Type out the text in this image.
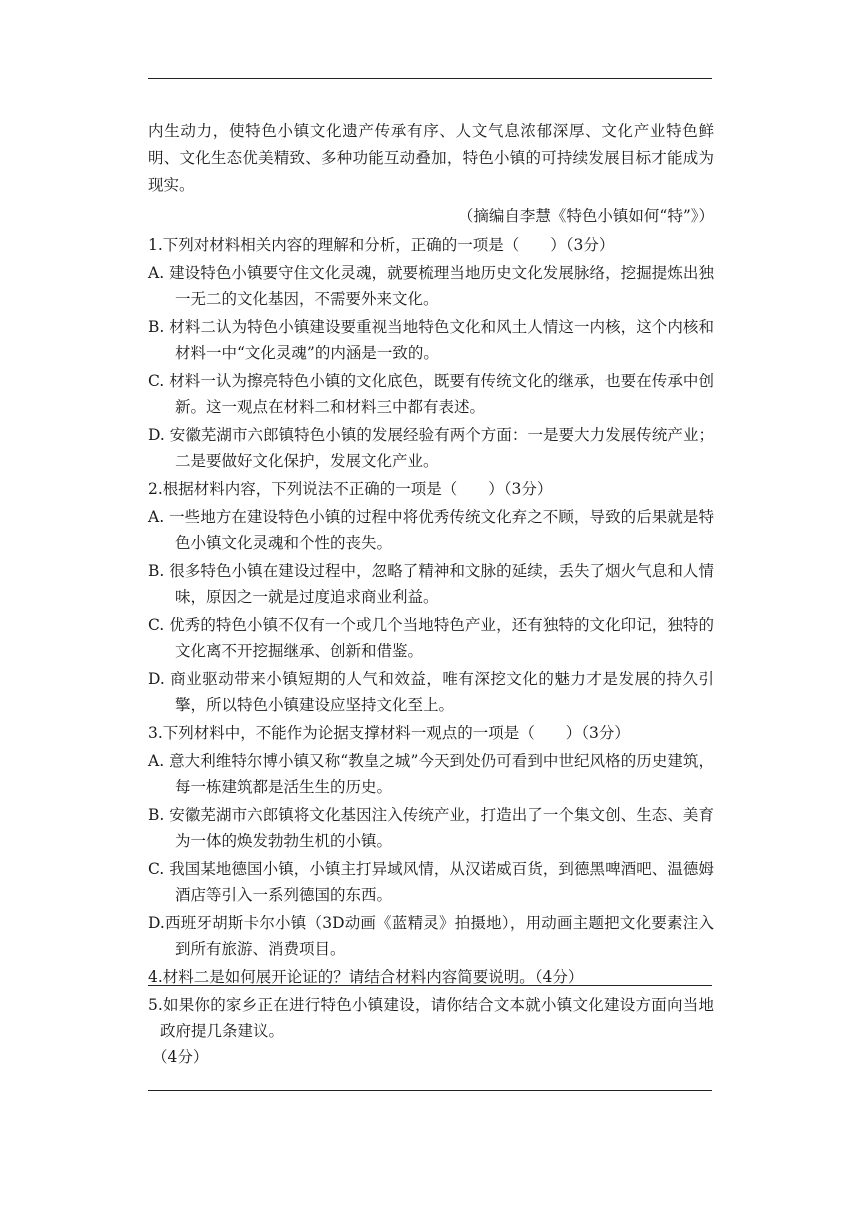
内生动力，使特色小镇文化遗产传承有序、人文气息浓郁深厚、文化产业特色鲜明、文化生态优美精致、多种功能互动叠加，特色小镇的可持续发展目标才能成为现实。

（摘编自李慧《特色小镇如何“特”》）

1.下列对材料相关内容的理解和分析，正确的一项是（　　）（3分）

A. 建设特色小镇要守住文化灵魂，就要梳理当地历史文化发展脉络，挖掘提炼出独一无二的文化基因，不需要外来文化。

B. 材料二认为特色小镇建设要重视当地特色文化和风土人情这一内核，这个内核和材料一中“文化灵魂”的内涵是一致的。

C. 材料一认为擦亮特色小镇的文化底色，既要有传统文化的继承，也要在传承中创新。这一观点在材料二和材料三中都有表述。

D. 安徽芜湖市六郎镇特色小镇的发展经验有两个方面：一是要大力发展传统产业；二是要做好文化保护，发展文化产业。

2.根据材料内容，下列说法不正确的一项是（　　）（3分）

A. 一些地方在建设特色小镇的过程中将优秀传统文化弃之不顾，导致的后果就是特色小镇文化灵魂和个性的丧失。

B. 很多特色小镇在建设过程中，忽略了精神和文脉的延续，丢失了烟火气息和人情味，原因之一就是过度追求商业利益。

C. 优秀的特色小镇不仅有一个或几个当地特色产业，还有独特的文化印记，独特的文化离不开挖掘继承、创新和借鉴。

D. 商业驱动带来小镇短期的人气和效益，唯有深挖文化的魅力才是发展的持久引擎，所以特色小镇建设应坚持文化至上。

3.下列材料中，不能作为论据支撑材料一观点的一项是（　　）（3分）

A. 意大利维特尔博小镇又称“教皇之城”今天到处仍可看到中世纪风格的历史建筑，每一栋建筑都是活生生的历史。

B. 安徽芜湖市六郎镇将文化基因注入传统产业，打造出了一个集文创、生态、美育为一体的焕发勃勃生机的小镇。

C. 我国某地德国小镇，小镇主打异域风情，从汉诺威百货，到德黑啤酒吧、温德姆酒店等引入一系列德国的东西。

D.西班牙胡斯卡尔小镇（3D动画《蓝精灵》拍摄地），用动画主题把文化要素注入到所有旅游、消费项目。

4.材料二是如何展开论证的？请结合材料内容简要说明。（4分）

5.如果你的家乡正在进行特色小镇建设，请你结合文本就小镇文化建设方面向当地政府提几条建议。

（4分）
